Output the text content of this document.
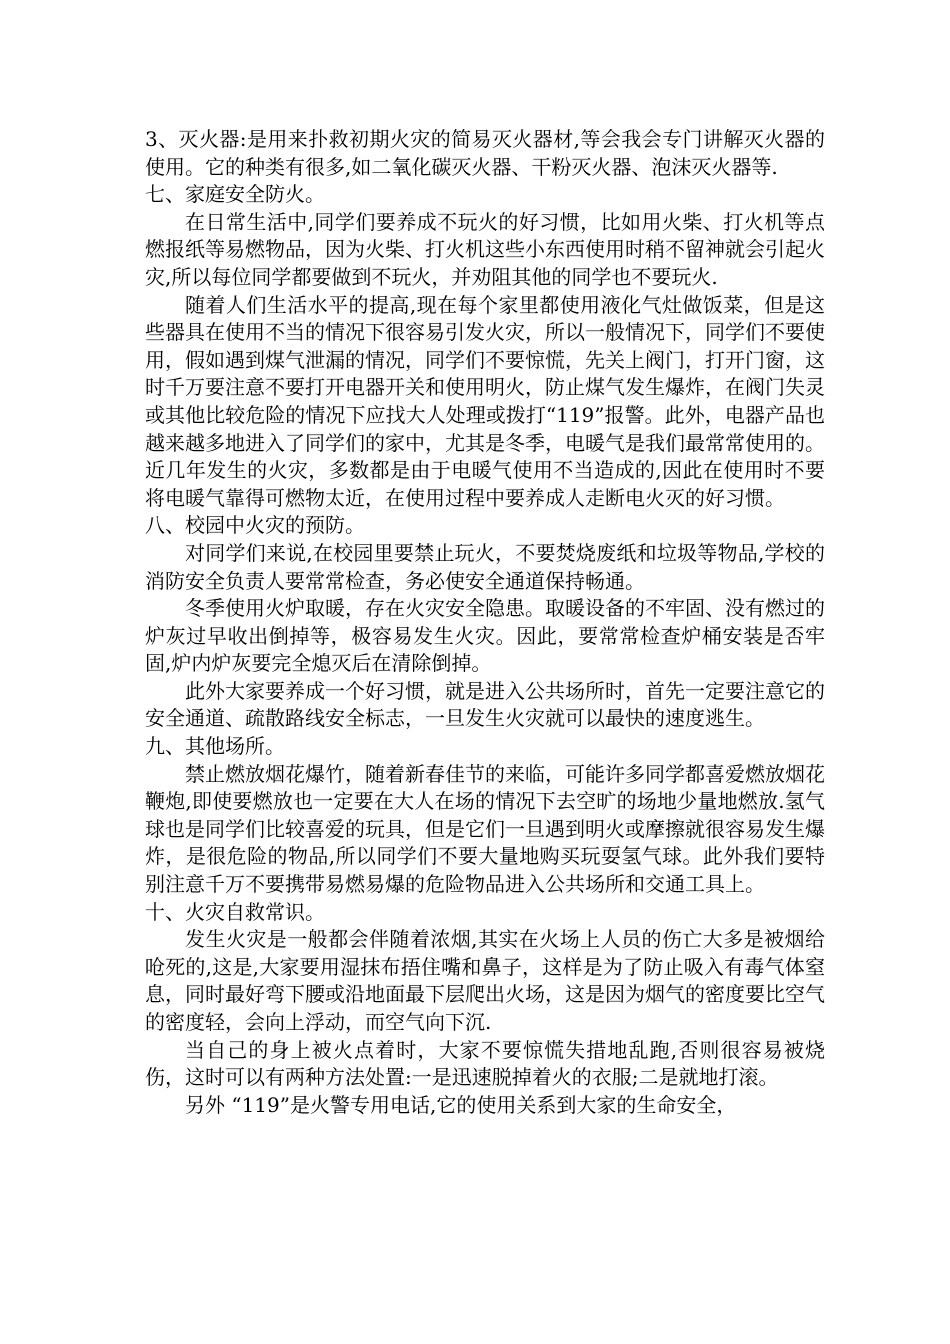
3、灭火器:是用来扑救初期火灾的简易灭火器材,等会我会专门讲解灭火器的使用。它的种类有很多,如二氧化碳灭火器、干粉灭火器、泡沫灭火器等.

七、家庭安全防火。

在日常生活中,同学们要养成不玩火的好习惯，比如用火柴、打火机等点燃报纸等易燃物品，因为火柴、打火机这些小东西使用时稍不留神就会引起火灾,所以每位同学都要做到不玩火，并劝阻其他的同学也不要玩火.

随着人们生活水平的提高,现在每个家里都使用液化气灶做饭菜，但是这些器具在使用不当的情况下很容易引发火灾，所以一般情况下，同学们不要使用，假如遇到煤气泄漏的情况，同学们不要惊慌，先关上阀门，打开门窗，这时千万要注意不要打开电器开关和使用明火，防止煤气发生爆炸，在阀门失灵或其他比较危险的情况下应找大人处理或拨打“119”报警。此外，电器产品也越来越多地进入了同学们的家中，尤其是冬季，电暖气是我们最常常使用的。近几年发生的火灾，多数都是由于电暖气使用不当造成的,因此在使用时不要将电暖气靠得可燃物太近，在使用过程中要养成人走断电火灭的好习惯。

八、校园中火灾的预防。

对同学们来说,在校园里要禁止玩火，不要焚烧废纸和垃圾等物品,学校的消防安全负责人要常常检查，务必使安全通道保持畅通。

冬季使用火炉取暖，存在火灾安全隐患。取暖设备的不牢固、没有燃过的炉灰过早收出倒掉等，极容易发生火灾。因此，要常常检查炉桶安装是否牢固,炉内炉灰要完全熄灭后在清除倒掉。

此外大家要养成一个好习惯，就是进入公共场所时，首先一定要注意它的安全通道、疏散路线安全标志，一旦发生火灾就可以最快的速度逃生。

九、其他场所。

禁止燃放烟花爆竹，随着新春佳节的来临，可能许多同学都喜爱燃放烟花鞭炮,即使要燃放也一定要在大人在场的情况下去空旷的场地少量地燃放.氢气球也是同学们比较喜爱的玩具，但是它们一旦遇到明火或摩擦就很容易发生爆炸，是很危险的物品,所以同学们不要大量地购买玩耍氢气球。此外我们要特别注意千万不要携带易燃易爆的危险物品进入公共场所和交通工具上。

十、火灾自救常识。

发生火灾是一般都会伴随着浓烟,其实在火场上人员的伤亡大多是被烟给呛死的,这是,大家要用湿抹布捂住嘴和鼻子，这样是为了防止吸入有毒气体窒息，同时最好弯下腰或沿地面最下层爬出火场，这是因为烟气的密度要比空气的密度轻，会向上浮动，而空气向下沉.

当自己的身上被火点着时，大家不要惊慌失措地乱跑,否则很容易被烧伤，这时可以有两种方法处置:一是迅速脱掉着火的衣服;二是就地打滚。

另外 “119”是火警专用电话,它的使用关系到大家的生命安全，
